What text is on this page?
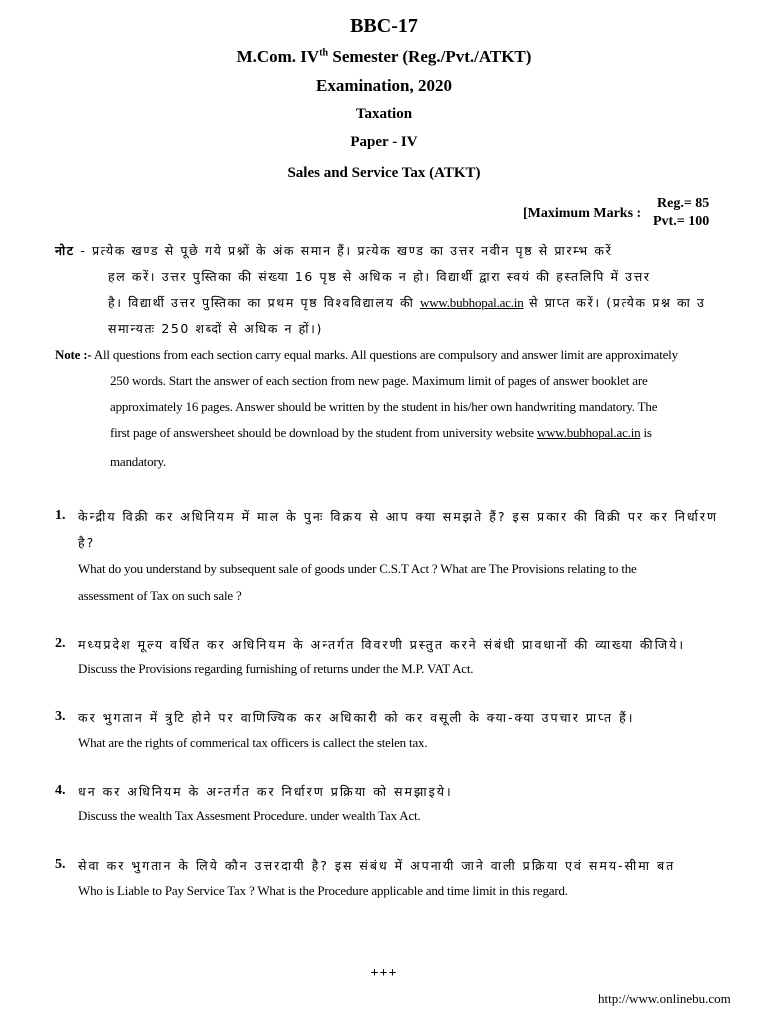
BBC-17
M.Com. IVth Semester (Reg./Pvt./ATKT)
Examination, 2020
Taxation
Paper - IV
Sales and Service Tax (ATKT)
[Maximum Marks :
Reg.= 85
Pvt.= 100
नोट - प्रत्येक खण्ड से पूछे गये प्रश्नों के अंक समान हैं। प्रत्येक खण्ड का उत्तर नवीन पृष्ठ से प्रारम्भ करें
हल करें। उत्तर पुस्तिका की संख्या 16 पृष्ठ से अधिक न हो। विद्यार्थी द्वारा स्वयं की हस्तलिपि में उत्तर
है। विद्यार्थी उत्तर पुस्तिका का प्रथम पृष्ठ विश्वविद्यालय की www.bubhopal.ac.in से प्राप्त करें। (प्रत्येक प्रश्न का उ
समान्यतः 250 शब्दों से अधिक न हों।)
Note :- All questions from each section carry equal marks. All questions are compulsory and answer limit are approximately
250 words. Start the answer of each section from new page. Maximum limit of pages of answer booklet are
approximately 16 pages. Answer should be written by the student in his/her own handwriting mandatory. The
first page of answersheet should be download by the student from university website www.bubhopal.ac.in is
mandatory.
1. केन्द्रीय विक्री कर अधिनियम में माल के पुनः विक्रय से आप क्या समझते हैं? इस प्रकार की विक्री पर कर निर्धारण
है?
What do you understand by subsequent sale of goods under C.S.T Act ? What are The Provisions relating to the
assessment of Tax on such sale ?
2. मध्यप्रदेश मूल्य वर्धित कर अधिनियम के अन्तर्गत विवरणी प्रस्तुत करने संबंधी प्रावधानों की व्याख्या कीजिये।
Discuss the Provisions regarding furnishing of returns under the M.P. VAT Act.
3. कर भुगतान में त्रुटि होने पर वाणिज्यिक कर अधिकारी को कर वसूली के क्या-क्या उपचार प्राप्त हैं।
What are the rights of commerical tax officers is callect the stelen tax.
4. धन कर अधिनियम के अन्तर्गत कर निर्धारण प्रक्रिया को समझाइये।
Discuss the wealth Tax Assesment Procedure. under wealth Tax Act.
5. सेवा कर भुगतान के लिये कौन उत्तरदायी है? इस संबंध में अपनायी जाने वाली प्रक्रिया एवं समय-सीमा बत
Who is Liable to Pay Service Tax ? What is the Procedure applicable and time limit in this regard.
+++
http://www.onlinebu.com
